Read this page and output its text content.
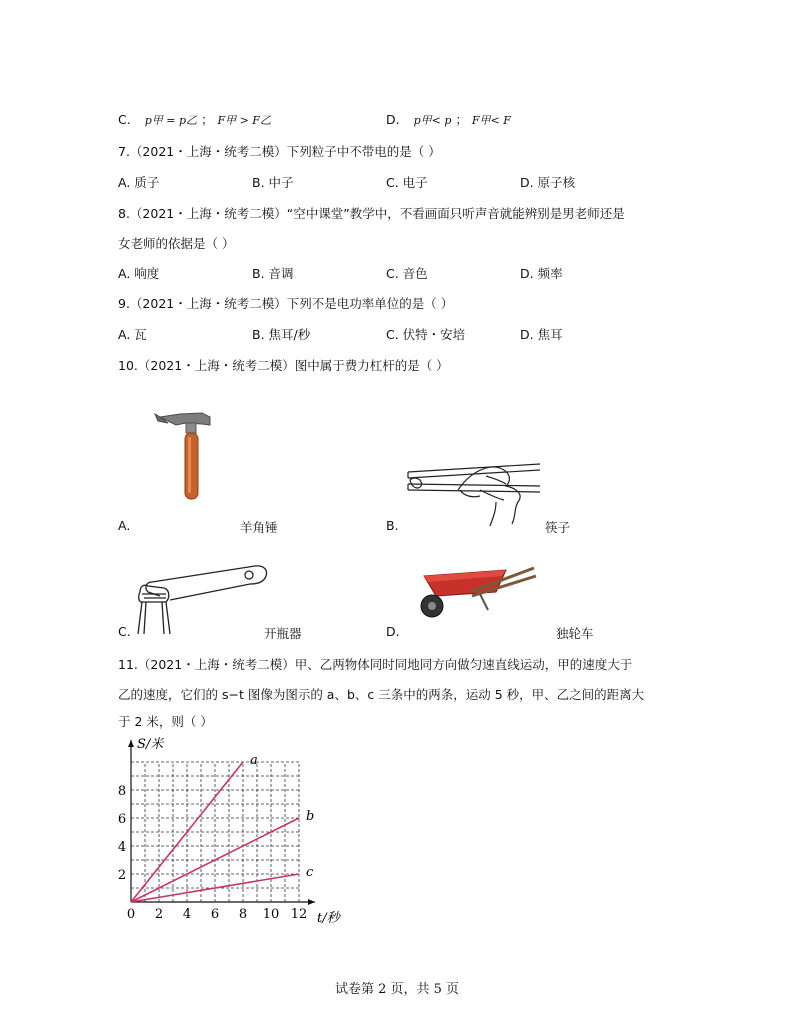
C. p甲 = p乙 ； F甲 > F乙	D. p甲< p ； F甲< F
7.（2021・上海・统考二模）下列粒子中不带电的是（ ）
A. 质子	B. 中子	C. 电子	D. 原子核
8.（2021・上海・统考二模）“空中课堂”教学中，不看画面只听声音就能辨别是男老师还是
女老师的依据是（ ）
A. 响度	B. 音调	C. 音色	D. 频率
9.（2021・上海・统考二模）下列不是电功率单位的是（ ）
A. 瓦	B. 焦耳/秒	C. 伏特・安培	D. 焦耳
10.（2021・上海・统考二模）图中属于费力杠杆的是（ ）
A.	羊角锤	B.	筷子
C.	开瓶器	D.	独轮车
11.（2021・上海・统考二模）甲、乙两物体同时同地同方向做匀速直线运动，甲的速度大于
乙的速度，它们的 s−t 图像为图示的 a、b、c 三条中的两条，运动 5 秒，甲、乙之间的距离大
于 2 米，则（ ）
0 2 4 6 8 10 12
2
4
6
8
a
b
c
S/米
t/秒
试卷第 2 页，共 5 页
